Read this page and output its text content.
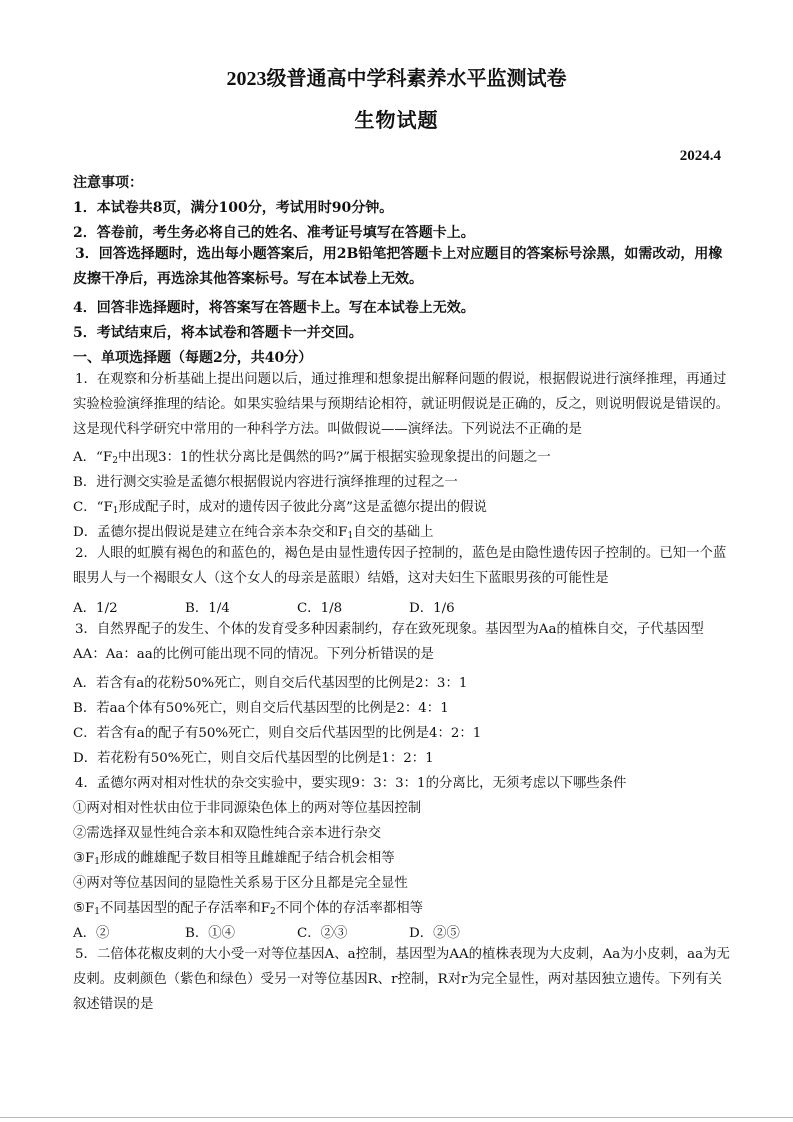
2023级普通高中学科素养水平监测试卷
生物试题
2024.4
注意事项：
1．本试卷共8页，满分100分，考试用时90分钟。
2．答卷前，考生务必将自己的姓名、准考证号填写在答题卡上。
3．回答选择题时，选出每小题答案后，用2B铅笔把答题卡上对应题目的答案标号涂黑，如需改动，用橡皮擦干净后，再选涂其他答案标号。写在本试卷上无效。
4．回答非选择题时，将答案写在答题卡上。写在本试卷上无效。
5．考试结束后，将本试卷和答题卡一并交回。
一、单项选择题（每题2分，共40分）
1．在观察和分析基础上提出问题以后，通过推理和想象提出解释问题的假说，根据假说进行演绎推理，再通过实验检验演绎推理的结论。如果实验结果与预期结论相符，就证明假说是正确的，反之，则说明假说是错误的。这是现代科学研究中常用的一种科学方法。叫做假说——演绎法。下列说法不正确的是
A．“$F_2$中出现3：1的性状分离比是偶然的吗?”属于根据实验现象提出的问题之一
B．进行测交实验是孟德尔根据假说内容进行演绎推理的过程之一
C．“$F_1$形成配子时，成对的遗传因子彼此分离”这是孟德尔提出的假说
D．孟德尔提出假说是建立在纯合亲本杂交和$F_1$自交的基础上
2．人眼的虹膜有褐色的和蓝色的，褐色是由显性遗传因子控制的，蓝色是由隐性遗传因子控制的。已知一个蓝眼男人与一个褐眼女人（这个女人的母亲是蓝眼）结婚，这对夫妇生下蓝眼男孩的可能性是
A．1/2	B．1/4	C．1/8	D．1/6
3．自然界配子的发生、个体的发育受多种因素制约，存在致死现象。基因型为Aa的植株自交，子代基因型AA：Aa：aa的比例可能出现不同的情况。下列分析错误的是
A．若含有a的花粉50%死亡，则自交后代基因型的比例是2：3：1
B．若aa个体有50%死亡，则自交后代基因型的比例是2：4：1
C．若含有a的配子有50%死亡，则自交后代基因型的比例是4：2：1
D．若花粉有50%死亡，则自交后代基因型的比例是1：2：1
4．孟德尔两对相对性状的杂交实验中，要实现9：3：3：1的分离比，无须考虑以下哪些条件
①两对相对性状由位于非同源染色体上的两对等位基因控制
②需选择双显性纯合亲本和双隐性纯合亲本进行杂交
$③F_1$形成的雌雄配子数目相等且雌雄配子结合机会相等
④两对等位基因间的显隐性关系易于区分且都是完全显性
$⑤F_1$不同基因型的配子存活率和$F_2$不同个体的存活率都相等
A．②	B．①④	C．②③	D．②⑤
5．二倍体花椒皮刺的大小受一对等位基因A、a控制，基因型为AA的植株表现为大皮刺，Aa为小皮刺，aa为无皮刺。皮刺颜色（紫色和绿色）受另一对等位基因R、r控制，R对r为完全显性，两对基因独立遗传。下列有关叙述错误的是
